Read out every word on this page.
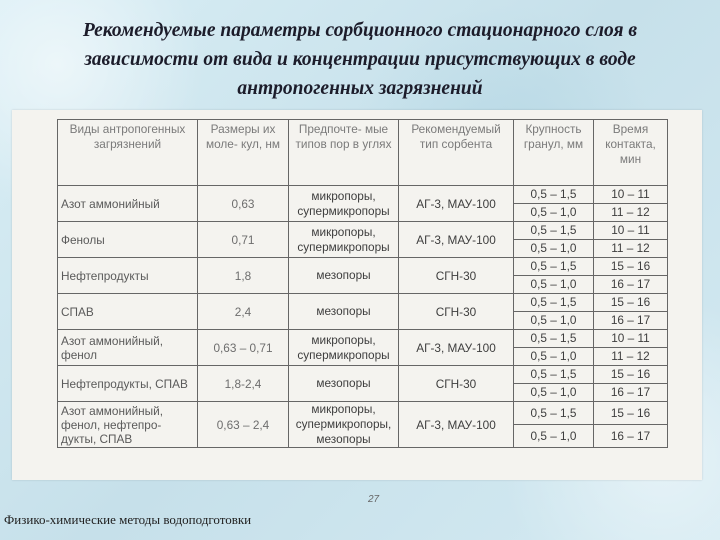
Рекомендуемые параметры сорбционного стационарного слоя в зависимости от вида и концентрации присутствующих в воде антропогенных загрязнений
Виды антропогенных загрязнений	Размеры их моле- кул, нм	Предпочте- мые типов пор в углях	Рекомендуемый тип сорбента	Крупность гранул, мм	Время контакта, мин
Азот аммонийный	0,63	микропоры, супермикропоры	АГ-3, МАУ-100	0,5 – 1,5	10 – 11
				0,5 – 1,0	11 – 12
Фенолы	0,71	микропоры, супермикропоры	АГ-3, МАУ-100	0,5 – 1,5	10 – 11
				0,5 – 1,0	11 – 12
Нефтепродукты	1,8	мезопоры	СГН-30	0,5 – 1,5	15 – 16
				0,5 – 1,0	16 – 17
СПАВ	2,4	мезопоры	СГН-30	0,5 – 1,5	15 – 16
				0,5 – 1,0	16 – 17
Азот аммонийный, фенол	0,63 – 0,71	микропоры, супермикропоры	АГ-3, МАУ-100	0,5 – 1,5	10 – 11
				0,5 – 1,0	11 – 12
Нефтепродукты, СПАВ	1,8-2,4	мезопоры	СГН-30	0,5 – 1,5	15 – 16
				0,5 – 1,0	16 – 17
Азот аммонийный, фенол, нефтепро- дукты, СПАВ	0,63 – 2,4	микропоры, супермикропоры, мезопоры	АГ-3, МАУ-100	0,5 – 1,5	15 – 16
				0,5 – 1,0	16 – 17
27
Физико-химические методы водоподготовки
